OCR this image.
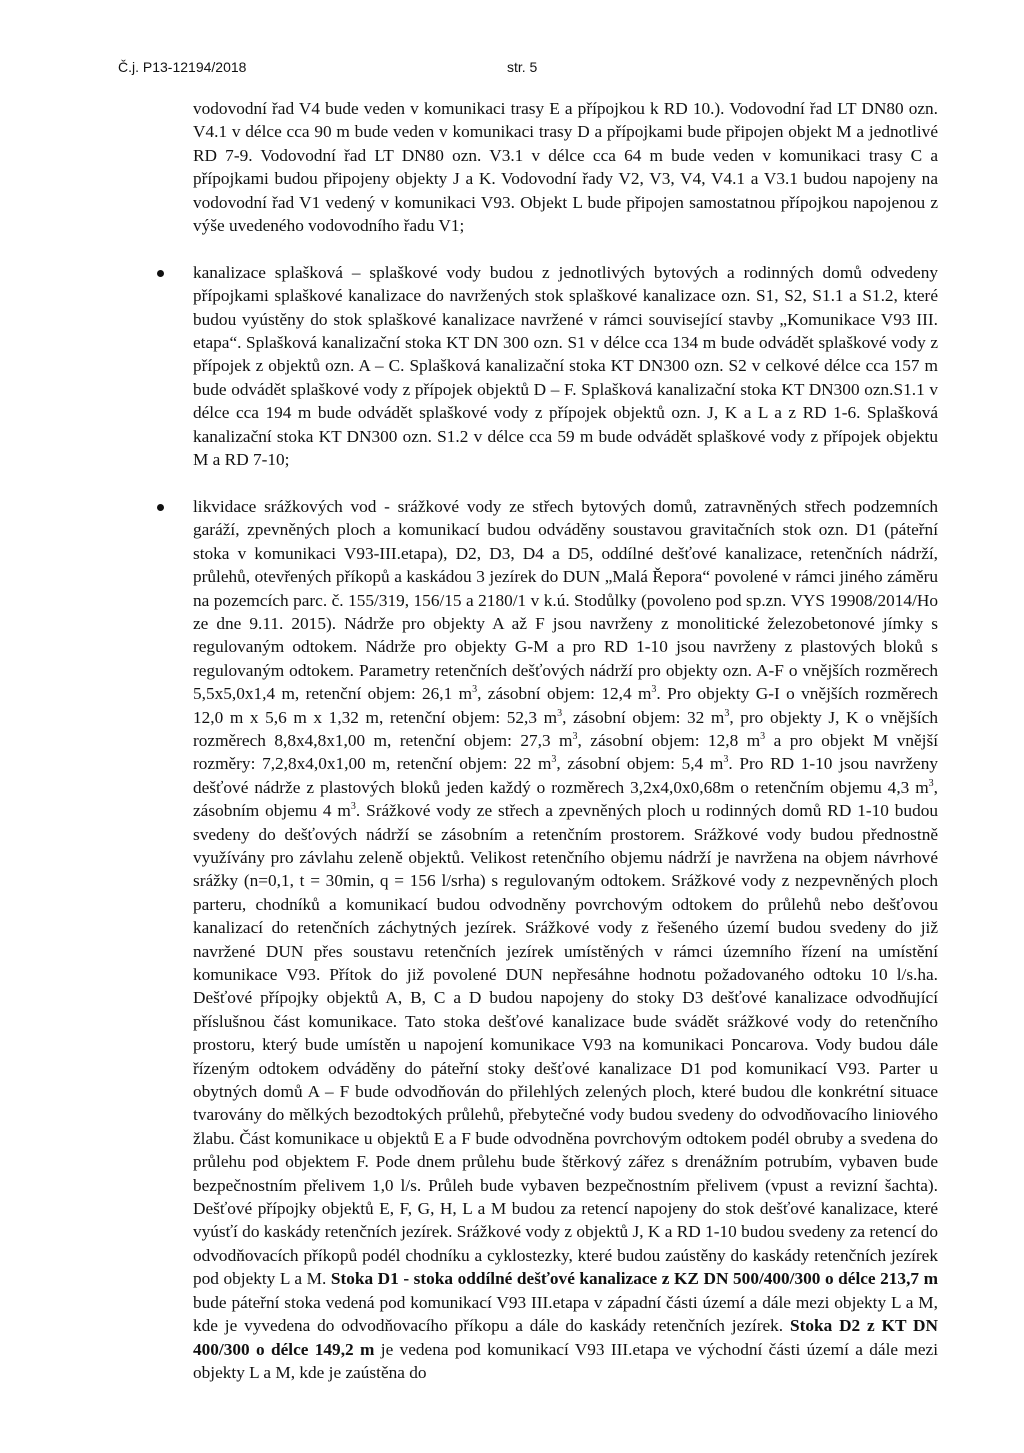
Č.j. P13-12194/2018	str. 5

vodovodní řad V4 bude veden v komunikaci trasy E a přípojkou k RD 10.). Vodovodní řad LT DN80 ozn. V4.1 v délce cca 90 m bude veden v komunikaci trasy D a přípojkami bude připojen objekt M a jednotlivé RD 7-9. Vodovodní řad LT DN80 ozn. V3.1 v délce cca 64 m bude veden v komunikaci trasy C a přípojkami budou připojeny objekty J a K. Vodovodní řady V2, V3, V4, V4.1 a V3.1 budou napojeny na vodovodní řad V1 vedený v komunikaci V93. Objekt L bude připojen samostatnou přípojkou napojenou z výše uvedeného vodovodního řadu V1;

kanalizace splašková – splaškové vody budou z jednotlivých bytových a rodinných domů odvedeny přípojkami splaškové kanalizace do navržených stok splaškové kanalizace ozn. S1, S2, S1.1 a S1.2, které budou vyústěny do stok splaškové kanalizace navržené v rámci související stavby „Komunikace V93 III. etapa“. Splašková kanalizační stoka KT DN 300 ozn. S1 v délce cca 134 m bude odvádět splaškové vody z přípojek z objektů ozn. A – C. Splašková kanalizační stoka KT DN300 ozn. S2 v celkové délce cca 157 m bude odvádět splaškové vody z přípojek objektů D – F. Splašková kanalizační stoka KT DN300 ozn.S1.1 v délce cca 194 m bude odvádět splaškové vody z přípojek objektů ozn. J, K a L a z RD 1-6. Splašková kanalizační stoka KT DN300 ozn. S1.2 v délce cca 59 m bude odvádět splaškové vody z přípojek objektu M a RD 7-10;
likvidace srážkových vod - srážkové vody ze střech bytových domů, zatravněných střech podzemních garáží, zpevněných ploch a komunikací budou odváděny soustavou gravitačních stok ozn. D1 (páteřní stoka v komunikaci V93-III.etapa), D2, D3, D4 a D5, oddílné dešťové kanalizace, retenčních nádrží, průlehů, otevřených příkopů a kaskádou 3 jezírek do DUN „Malá Řepora“ povolené v rámci jiného záměru na pozemcích parc. č. 155/319, 156/15 a 2180/1 v k.ú. Stodůlky (povoleno pod sp.zn. VYS 19908/2014/Ho ze dne 9.11. 2015). Nádrže pro objekty A až F jsou navrženy z monolitické železobetonové jímky s regulovaným odtokem. Nádrže pro objekty G-M a pro RD 1-10 jsou navrženy z plastových bloků s regulovaným odtokem. Parametry retenčních dešťových nádrží pro objekty ozn. A-F o vnějších rozměrech 5,5x5,0x1,4 m, retenční objem: 26,1 $m^3$, zásobní objem: 12,4 $m^3$. Pro objekty G-I o vnějších rozměrech 12,0 m x 5,6 m x 1,32 m, retenční objem: 52,3 $m^3$, zásobní objem: 32 $m^3$, pro objekty J, K o vnějších rozměrech 8,8x4,8x1,00 m, retenční objem: 27,3 $m^3$, zásobní objem: 12,8 $m^3$ a pro objekt M vnější rozměry: 7,2,8x4,0x1,00 m, retenční objem: 22 $m^3$, zásobní objem: 5,4 $m^3$. Pro RD 1-10 jsou navrženy dešťové nádrže z plastových bloků jeden každý o rozměrech 3,2x4,0x0,68m o retenčním objemu 4,3 $m^3$, zásobním objemu 4 $m^3$. Srážkové vody ze střech a zpevněných ploch u rodinných domů RD 1-10 budou svedeny do dešťových nádrží se zásobním a retenčním prostorem. Srážkové vody budou přednostně využívány pro závlahu zeleně objektů. Velikost retenčního objemu nádrží je navržena na objem návrhové srážky (n=0,1, t = 30min, q = 156 l/srha) s regulovaným odtokem. Srážkové vody z nezpevněných ploch parteru, chodníků a komunikací budou odvodněny povrchovým odtokem do průlehů nebo dešťovou kanalizací do retenčních záchytných jezírek. Srážkové vody z řešeného území budou svedeny do již navržené DUN přes soustavu retenčních jezírek umístěných v rámci územního řízení na umístění komunikace V93. Přítok do již povolené DUN nepřesáhne hodnotu požadovaného odtoku 10 l/s.ha. Dešťové přípojky objektů A, B, C a D budou napojeny do stoky D3 dešťové kanalizace odvodňující příslušnou část komunikace. Tato stoka dešťové kanalizace bude svádět srážkové vody do retenčního prostoru, který bude umístěn u napojení komunikace V93 na komunikaci Poncarova. Vody budou dále řízeným odtokem odváděny do páteřní stoky dešťové kanalizace D1 pod komunikací V93. Parter u obytných domů A – F bude odvodňován do přilehlých zelených ploch, které budou dle konkrétní situace tvarovány do mělkých bezodtokých průlehů, přebytečné vody budou svedeny do odvodňovacího liniového žlabu. Část komunikace u objektů E a F bude odvodněna povrchovým odtokem podél obruby a svedena do průlehu pod objektem F. Pode dnem průlehu bude štěrkový zářez s drenážním potrubím, vybaven bude bezpečnostním přelivem 1,0 l/s. Průleh bude vybaven bezpečnostním přelivem (vpust a revizní šachta). Dešťové přípojky objektů E, F, G, H, L a M budou za retencí napojeny do stok dešťové kanalizace, které vyúsťí do kaskády retenčních jezírek. Srážkové vody z objektů J, K a RD 1-10 budou svedeny za retencí do odvodňovacích příkopů podél chodníku a cyklostezky, které budou zaústěny do kaskády retenčních jezírek pod objekty L a M. Stoka D1 - stoka oddílné dešťové kanalizace z KZ DN 500/400/300 o délce 213,7 m bude páteřní stoka vedená pod komunikací V93 III.etapa v západní části území a dále mezi objekty L a M, kde je vyvedena do odvodňovacího příkopu a dále do kaskády retenčních jezírek. Stoka D2 z KT DN 400/300 o délce 149,2 m je vedena pod komunikací V93 III.etapa ve východní části území a dále mezi objekty L a M, kde je zaústěna do
